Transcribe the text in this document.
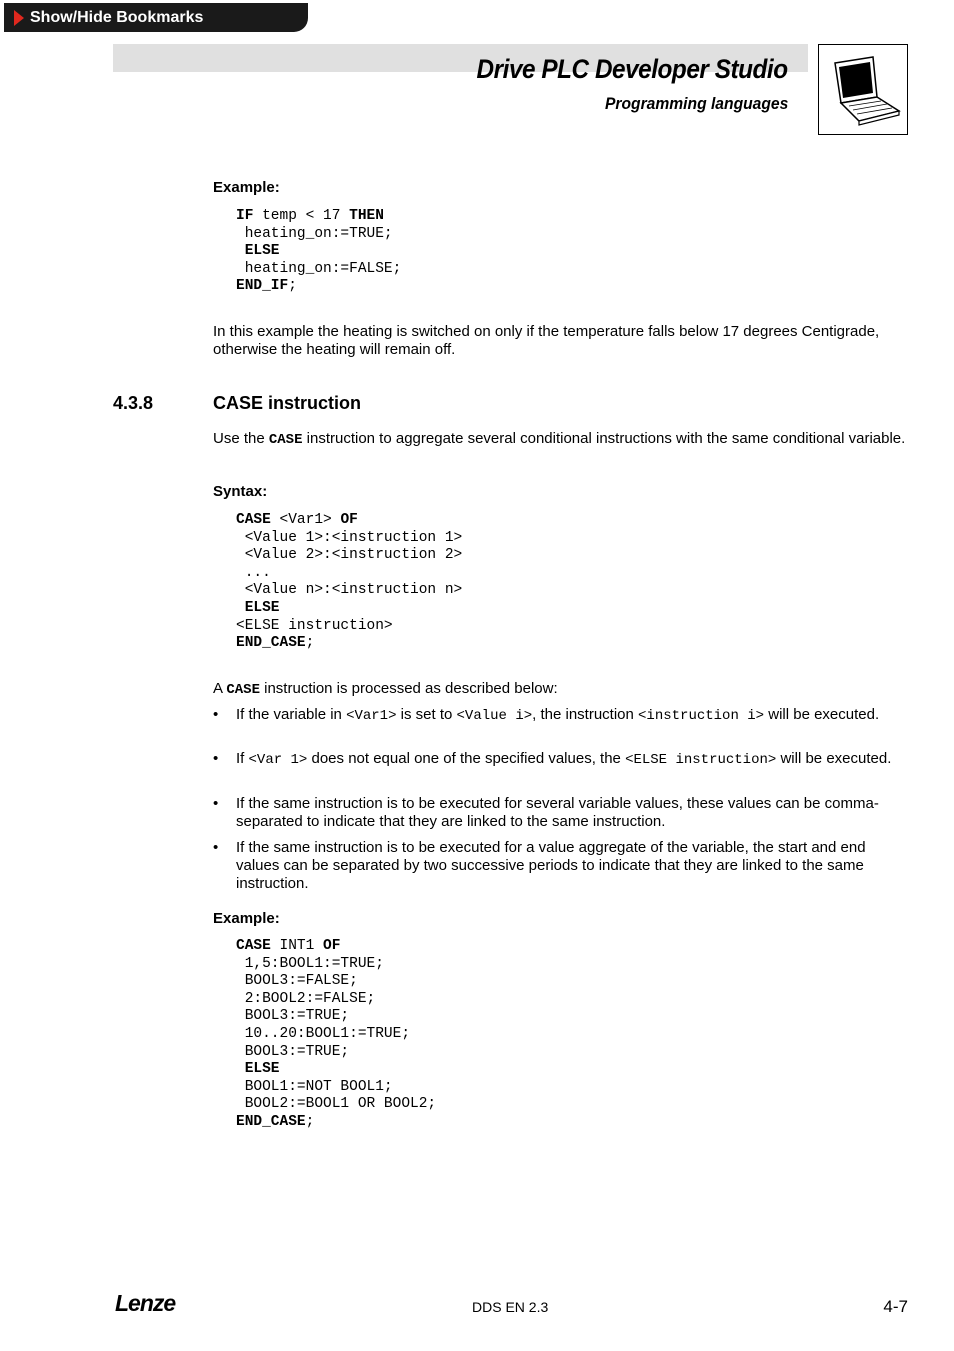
Show/Hide Bookmarks
Drive PLC Developer Studio
Programming languages
Example:
IF temp < 17 THEN
heating_on:=TRUE;
ELSE
heating_on:=FALSE;
END_IF;
In this example the heating is switched on only if the temperature falls below 17 degrees Centigrade, otherwise the heating will remain off.
4.3.8	CASE instruction
Use the CASE instruction to aggregate several conditional instructions with the same conditional variable.
Syntax:
CASE <Var1> OF
<Value 1>:<instruction 1>
<Value 2>:<instruction 2>
...
<Value n>:<instruction n>
ELSE
<ELSE instruction>
END_CASE;
A CASE instruction is processed as described below:
• If the variable in <Var1> is set to <Value i>, the instruction <instruction i> will be executed.
• If <Var 1> does not equal one of the specified values, the <ELSE instruction> will be executed.
• If the same instruction is to be executed for several variable values, these values can be comma-separated to indicate that they are linked to the same instruction.
• If the same instruction is to be executed for a value aggregate of the variable, the start and end values can be separated by two successive periods to indicate that they are linked to the same instruction.
Example:
CASE INT1 OF
1,5:BOOL1:=TRUE;
BOOL3:=FALSE;
2:BOOL2:=FALSE;
BOOL3:=TRUE;
10..20:BOOL1:=TRUE;
BOOL3:=TRUE;
ELSE
BOOL1:=NOT BOOL1;
BOOL2:=BOOL1 OR BOOL2;
END_CASE;
Lenze	DDS EN 2.3	4-7
